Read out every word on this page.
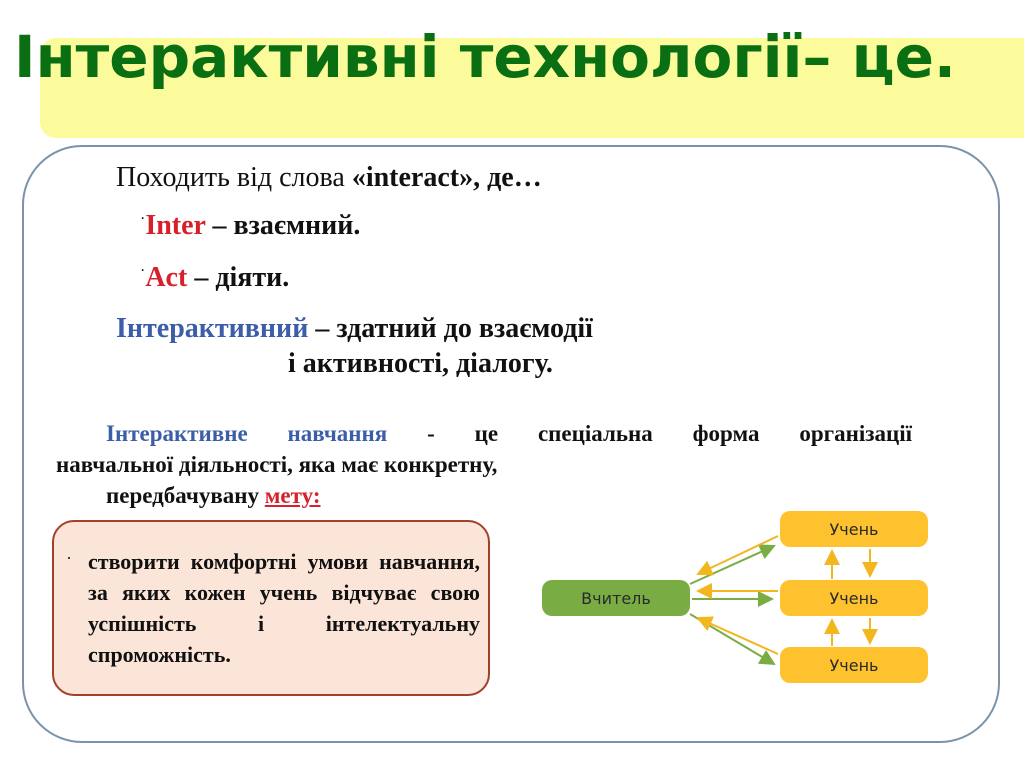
Інтерактивні технології– це.
Походить від слова «interact», де…
·Inter – взаємний.
·Act – діяти.
Інтерактивний – здатний до взаємодії
і активності, діалогу.
Інтерактивне навчання - це спеціальна форма організації
навчальної діяльності, яка має конкретну,
передбачувану мету:
· створити комфортні умови навчання, за яких кожен учень відчуває свою успішність і інтелектуальну спроможність.
Вчитель
Учень
Учень
Учень
